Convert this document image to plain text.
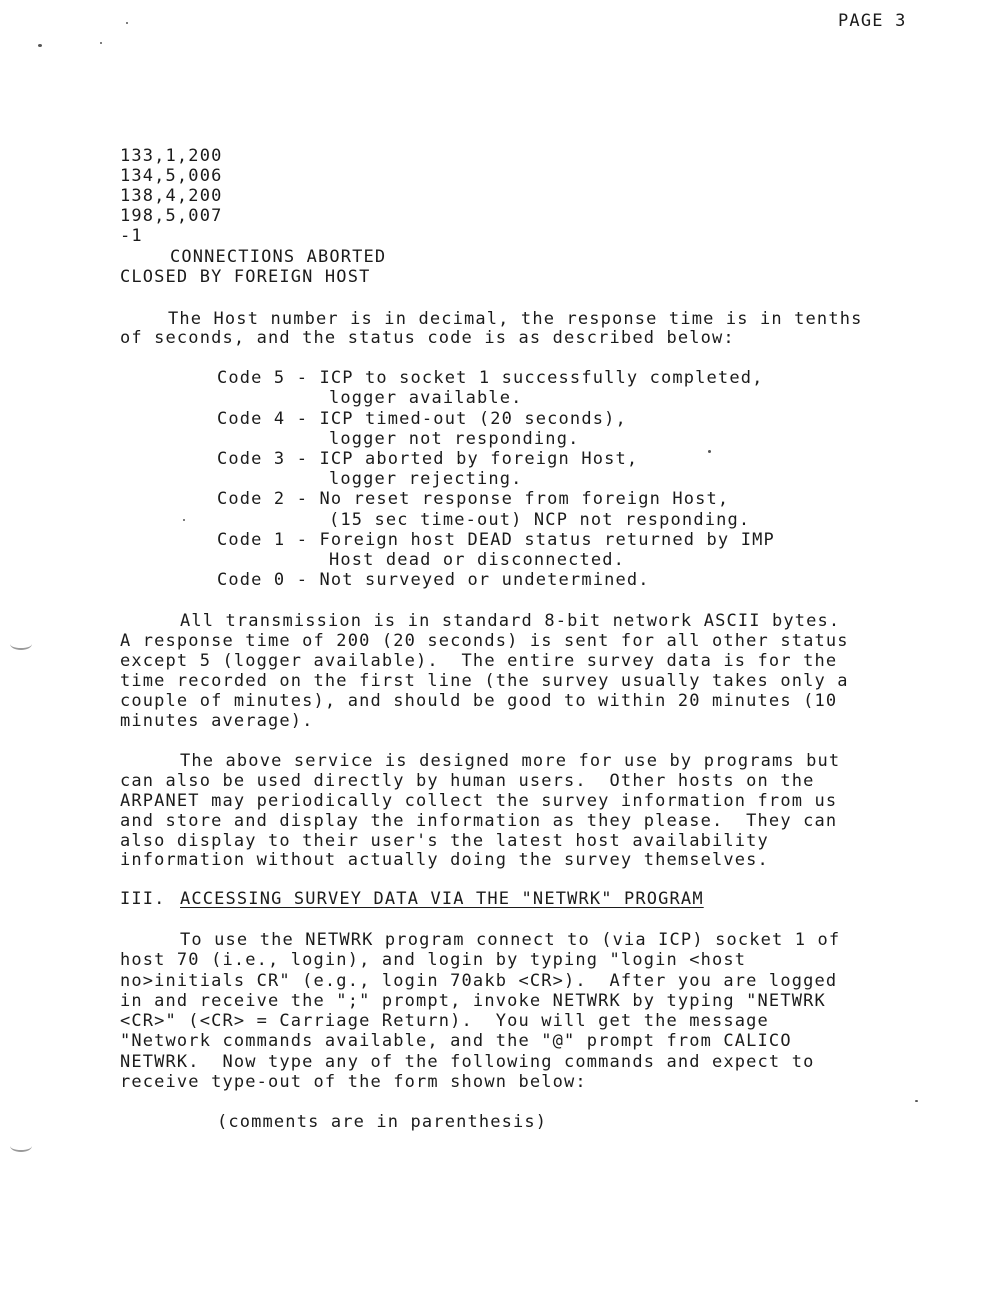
PAGE 3
133,1,200
134,5,006
138,4,200
198,5,007
-1
CONNECTIONS ABORTED
CLOSED BY FOREIGN HOST
The Host number is in decimal, the response time is in tenths
of seconds, and the status code is as described below:
Code 5 - ICP to socket 1 successfully completed,
logger available.
Code 4 - ICP timed-out (20 seconds),
logger not responding.
Code 3 - ICP aborted by foreign Host,
logger rejecting.
Code 2 - No reset response from foreign Host,
(15 sec time-out) NCP not responding.
Code 1 - Foreign host DEAD status returned by IMP
Host dead or disconnected.
Code 0 - Not surveyed or undetermined.
All transmission is in standard 8-bit network ASCII bytes.
A response time of 200 (20 seconds) is sent for all other status
except 5 (logger available).  The entire survey data is for the
time recorded on the first line (the survey usually takes only a
couple of minutes), and should be good to within 20 minutes (10
minutes average).
The above service is designed more for use by programs but
can also be used directly by human users.  Other hosts on the
ARPANET may periodically collect the survey information from us
and store and display the information as they please.  They can
also display to their user's the latest host availability
information without actually doing the survey themselves.
III. ACCESSING SURVEY DATA VIA THE "NETWRK" PROGRAM
To use the NETWRK program connect to (via ICP) socket 1 of
host 70 (i.e., login), and login by typing "login <host
no>initials CR" (e.g., login 70akb <CR>).  After you are logged
in and receive the ";" prompt, invoke NETWRK by typing "NETWRK
<CR>" (<CR> = Carriage Return).  You will get the message
"Network commands available, and the "@" prompt from CALICO
NETWRK.  Now type any of the following commands and expect to
receive type-out of the form shown below:
(comments are in parenthesis)
